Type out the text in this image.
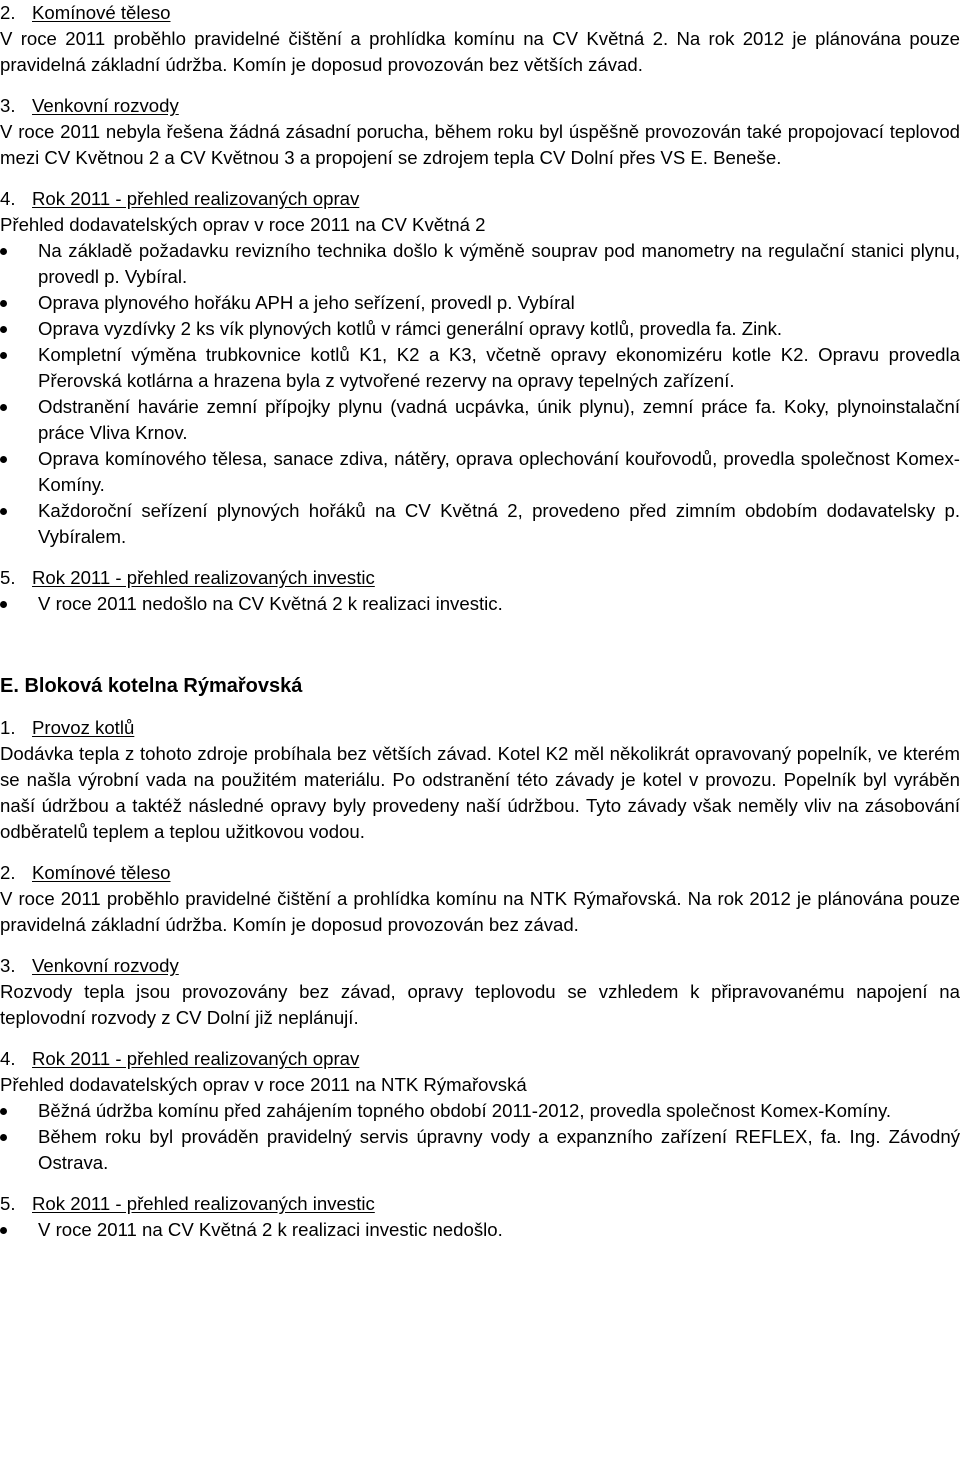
2. Komínové těleso

V roce 2011 proběhlo pravidelné čištění a prohlídka komínu na CV Květná 2. Na rok 2012 je plánována pouze pravidelná základní údržba. Komín je doposud provozován bez větších závad.

3. Venkovní rozvody

V roce 2011 nebyla řešena žádná zásadní porucha, během roku byl úspěšně provozován také propojovací teplovod mezi CV Květnou 2 a CV Květnou 3 a propojení se zdrojem tepla CV Dolní přes VS E. Beneše.

4. Rok 2011 - přehled realizovaných oprav

Přehled dodavatelských oprav v roce 2011 na CV Květná 2

Na základě požadavku revizního technika došlo k výměně souprav pod manometry na regulační stanici plynu, provedl p. Vybíral.
Oprava plynového hořáku APH a jeho seřízení, provedl p. Vybíral
Oprava vyzdívky 2 ks vík plynových kotlů v rámci generální opravy kotlů, provedla fa. Zink.
Kompletní výměna trubkovnice kotlů K1, K2 a K3, včetně opravy ekonomizéru kotle K2. Opravu provedla Přerovská kotlárna a hrazena byla z vytvořené rezervy na opravy tepelných zařízení.
Odstranění havárie zemní přípojky plynu (vadná ucpávka, únik plynu), zemní práce fa. Koky, plynoinstalační práce Vliva Krnov.
Oprava komínového tělesa, sanace zdiva, nátěry, oprava oplechování kouřovodů, provedla společnost Komex-Komíny.
Každoroční seřízení plynových hořáků na CV Květná 2, provedeno před zimním obdobím dodavatelsky p. Vybíralem.

5. Rok 2011 - přehled realizovaných investic

V roce 2011 nedošlo na CV Květná 2 k realizaci investic.

E. Bloková kotelna Rýmařovská

1. Provoz kotlů

Dodávka tepla z tohoto zdroje probíhala bez větších závad. Kotel K2 měl několikrát opravovaný popelník, ve kterém se našla výrobní vada na použitém materiálu. Po odstranění této závady je kotel v provozu. Popelník byl vyráběn naší údržbou a taktéž následné opravy byly provedeny naší údržbou. Tyto závady však neměly vliv na zásobování odběratelů teplem a teplou užitkovou vodou.

2. Komínové těleso

V roce 2011 proběhlo pravidelné čištění a prohlídka komínu na NTK Rýmařovská. Na rok 2012 je plánována pouze pravidelná základní údržba. Komín je doposud provozován bez závad.

3. Venkovní rozvody

Rozvody tepla jsou provozovány bez závad, opravy teplovodu se vzhledem k připravovanému napojení na teplovodní rozvody z CV Dolní již neplánují.

4. Rok 2011 - přehled realizovaných oprav

Přehled dodavatelských oprav v roce 2011 na NTK Rýmařovská

Běžná údržba komínu před zahájením topného období 2011-2012, provedla společnost Komex-Komíny.
Během roku byl prováděn pravidelný servis úpravny vody a expanzního zařízení REFLEX, fa. Ing. Závodný Ostrava.

5. Rok 2011 - přehled realizovaných investic

V roce 2011 na CV Květná 2 k realizaci investic nedošlo.
